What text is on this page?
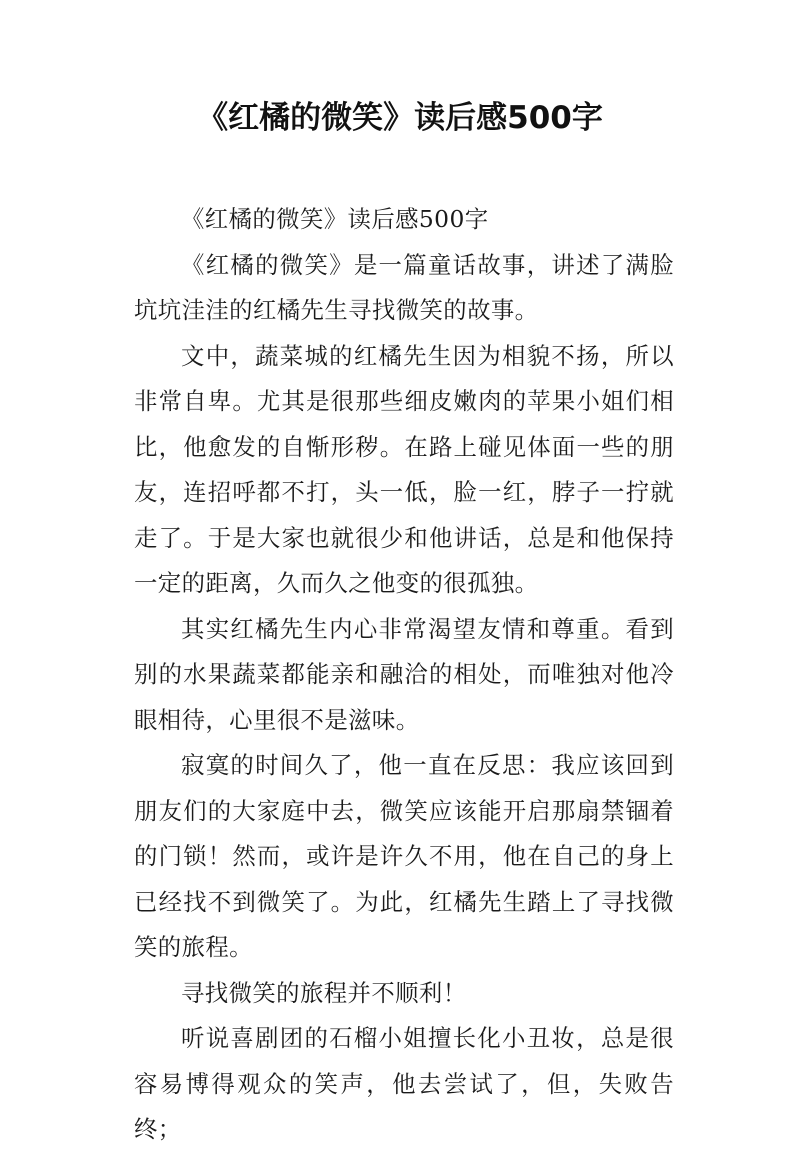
《红橘的微笑》读后感500字

《红橘的微笑》读后感500字

《红橘的微笑》是一篇童话故事，讲述了满脸坑坑洼洼的红橘先生寻找微笑的故事。

文中，蔬菜城的红橘先生因为相貌不扬，所以非常自卑。尤其是很那些细皮嫩肉的苹果小姐们相比，他愈发的自惭形秽。在路上碰见体面一些的朋友，连招呼都不打，头一低，脸一红，脖子一拧就走了。于是大家也就很少和他讲话，总是和他保持一定的距离，久而久之他变的很孤独。

其实红橘先生内心非常渴望友情和尊重。看到别的水果蔬菜都能亲和融洽的相处，而唯独对他冷眼相待，心里很不是滋味。

寂寞的时间久了，他一直在反思：我应该回到朋友们的大家庭中去，微笑应该能开启那扇禁锢着的门锁！然而，或许是许久不用，他在自己的身上已经找不到微笑了。为此，红橘先生踏上了寻找微笑的旅程。

寻找微笑的旅程并不顺利！

听说喜剧团的石榴小姐擅长化小丑妆，总是很容易博得观众的笑声，他去尝试了，但，失败告终；
